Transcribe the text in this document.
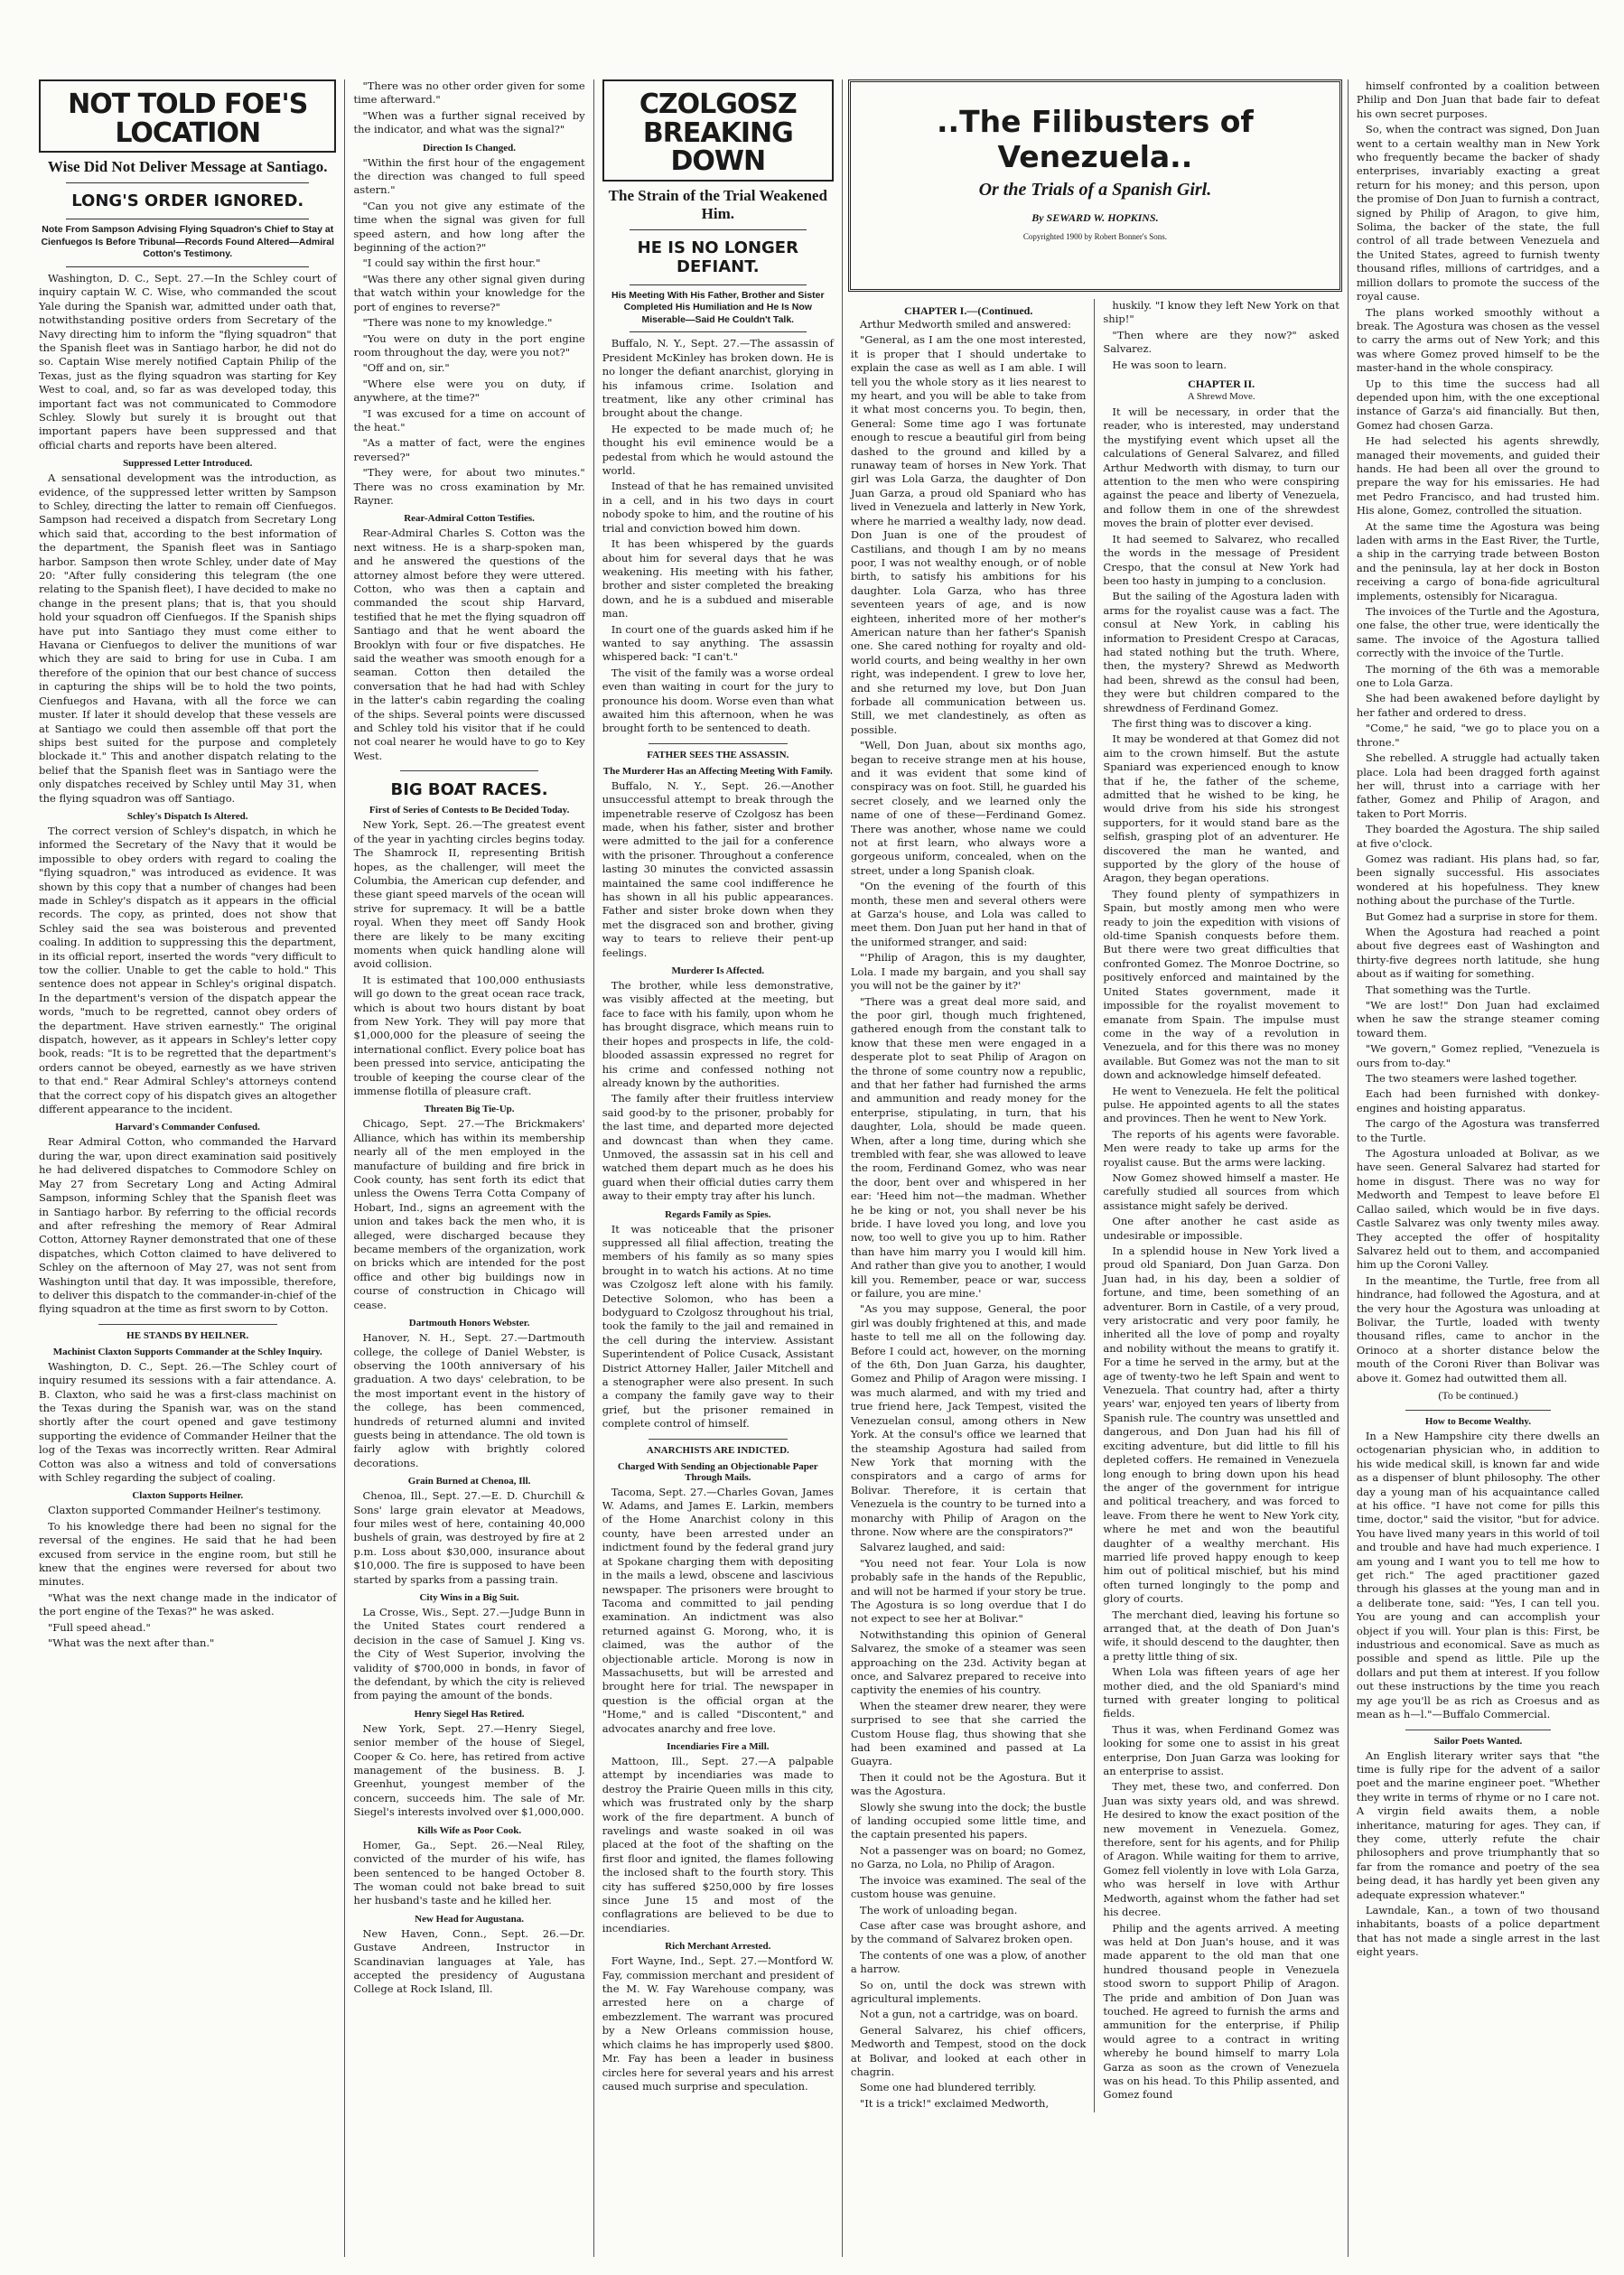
NOT TOLD FOE'S LOCATION
Wise Did Not Deliver Message at Santiago.
LONG'S ORDER IGNORED.
Note From Sampson Advising Flying Squadron's Chief to Stay at Cienfuegos Is Before Tribunal—Records Found Altered—Admiral Cotton's Testimony.

Washington, D. C., Sept. 27.—In the Schley court of inquiry captain W. C. Wise, who commanded the scout Yale during the Spanish war, admitted under oath that, notwithstanding positive orders from Secretary of the Navy directing him to inform the "flying squadron" that the Spanish fleet was in Santiago harbor, he did not do so. Captain Wise merely notified Captain Philip of the Texas, just as the flying squadron was starting for Key West to coal, and, so far as was developed today, this important fact was not communicated to Commodore Schley. Slowly but surely it is brought out that important papers have been suppressed and that official charts and reports have been altered.

Suppressed Letter Introduced.

A sensational development was the introduction, as evidence, of the suppressed letter written by Sampson to Schley, directing the latter to remain off Cienfuegos. Sampson had received a dispatch from Secretary Long which said that, according to the best information of the department, the Spanish fleet was in Santiago harbor. Sampson then wrote Schley, under date of May 20: "After fully considering this telegram (the one relating to the Spanish fleet), I have decided to make no change in the present plans; that is, that you should hold your squadron off Cienfuegos. If the Spanish ships have put into Santiago they must come either to Havana or Cienfuegos to deliver the munitions of war which they are said to bring for use in Cuba. I am therefore of the opinion that our best chance of success in capturing the ships will be to hold the two points, Cienfuegos and Havana, with all the force we can muster. If later it should develop that these vessels are at Santiago we could then assemble off that port the ships best suited for the purpose and completely blockade it." This and another dispatch relating to the belief that the Spanish fleet was in Santiago were the only dispatches received by Schley until May 31, when the flying squadron was off Santiago.

Schley's Dispatch Is Altered.

The correct version of Schley's dispatch, in which he informed the Secretary of the Navy that it would be impossible to obey orders with regard to coaling the "flying squadron," was introduced as evidence. It was shown by this copy that a number of changes had been made in Schley's dispatch as it appears in the official records. The copy, as printed, does not show that Schley said the sea was boisterous and prevented coaling. In addition to suppressing this the department, in its official report, inserted the words "very difficult to tow the collier. Unable to get the cable to hold." This sentence does not appear in Schley's original dispatch. In the department's version of the dispatch appear the words, "much to be regretted, cannot obey orders of the department. Have striven earnestly." The original dispatch, however, as it appears in Schley's letter copy book, reads: "It is to be regretted that the department's orders cannot be obeyed, earnestly as we have striven to that end." Rear Admiral Schley's attorneys contend that the correct copy of his dispatch gives an altogether different appearance to the incident.

Harvard's Commander Confused.

Rear Admiral Cotton, who commanded the Harvard during the war, upon direct examination said positively he had delivered dispatches to Commodore Schley on May 27 from Secretary Long and Acting Admiral Sampson, informing Schley that the Spanish fleet was in Santiago harbor. By referring to the official records and after refreshing the memory of Rear Admiral Cotton, Attorney Rayner demonstrated that one of these dispatches, which Cotton claimed to have delivered to Schley on the afternoon of May 27, was not sent from Washington until that day. It was impossible, therefore, to deliver this dispatch to the commander-in-chief of the flying squadron at the time as first sworn to by Cotton.

HE STANDS BY HEILNER.
Machinist Claxton Supports Commander at the Schley Inquiry.

Washington, D. C., Sept. 26.—The Schley court of inquiry resumed its sessions with a fair attendance. A. B. Claxton, who said he was a first-class machinist on the Texas during the Spanish war, was on the stand shortly after the court opened and gave testimony supporting the evidence of Commander Heilner that the log of the Texas was incorrectly written. Rear Admiral Cotton was also a witness and told of conversations with Schley regarding the subject of coaling.

Claxton Supports Heilner.

Claxton supported Commander Heilner's testimony.

To his knowledge there had been no signal for the reversal of the engines. He said that he had been excused from service in the engine room, but still he knew that the engines were reversed for about two minutes.

"What was the next change made in the indicator of the port engine of the Texas?" he was asked.

"Full speed ahead."

"What was the next after than."

"There was no other order given for some time afterward."

"When was a further signal received by the indicator, and what was the signal?"

Direction Is Changed.

"Within the first hour of the engagement the direction was changed to full speed astern."

"Can you not give any estimate of the time when the signal was given for full speed astern, and how long after the beginning of the action?"

"I could say within the first hour."

"Was there any other signal given during that watch within your knowledge for the port of engines to reverse?"

"There was none to my knowledge."

"You were on duty in the port engine room throughout the day, were you not?"

"Off and on, sir."

"Where else were you on duty, if anywhere, at the time?"

"I was excused for a time on account of the heat."

"As a matter of fact, were the engines reversed?"

"They were, for about two minutes." There was no cross examination by Mr. Rayner.

Rear-Admiral Cotton Testifies.

Rear-Admiral Charles S. Cotton was the next witness. He is a sharp-spoken man, and he answered the questions of the attorney almost before they were uttered. Cotton, who was then a captain and commanded the scout ship Harvard, testified that he met the flying squadron off Santiago and that he went aboard the Brooklyn with four or five dispatches. He said the weather was smooth enough for a seaman. Cotton then detailed the conversation that he had had with Schley in the latter's cabin regarding the coaling of the ships. Several points were discussed and Schley told his visitor that if he could not coal nearer he would have to go to Key West.

BIG BOAT RACES.
First of Series of Contests to Be Decided Today.

New York, Sept. 26.—The greatest event of the year in yachting circles begins today. The Shamrock II, representing British hopes, as the challenger, will meet the Columbia, the American cup defender, and these giant speed marvels of the ocean will strive for supremacy. It will be a battle royal. When they meet off Sandy Hook there are likely to be many exciting moments when quick handling alone will avoid collision.

It is estimated that 100,000 enthusiasts will go down to the great ocean race track, which is about two hours distant by boat from New York. They will pay more that $1,000,000 for the pleasure of seeing the international conflict. Every police boat has been pressed into service, anticipating the trouble of keeping the course clear of the immense flotilla of pleasure craft.

Threaten Big Tie-Up.

Chicago, Sept. 27.—The Brickmakers' Alliance, which has within its membership nearly all of the men employed in the manufacture of building and fire brick in Cook county, has sent forth its edict that unless the Owens Terra Cotta Company of Hobart, Ind., signs an agreement with the union and takes back the men who, it is alleged, were discharged because they became members of the organization, work on bricks which are intended for the post office and other big buildings now in course of construction in Chicago will cease.

Dartmouth Honors Webster.

Hanover, N. H., Sept. 27.—Dartmouth college, the college of Daniel Webster, is observing the 100th anniversary of his graduation. A two days' celebration, to be the most important event in the history of the college, has been commenced, hundreds of returned alumni and invited guests being in attendance. The old town is fairly aglow with brightly colored decorations.

Grain Burned at Chenoa, Ill.

Chenoa, Ill., Sept. 27.—E. D. Churchill & Sons' large grain elevator at Meadows, four miles west of here, containing 40,000 bushels of grain, was destroyed by fire at 2 p.m. Loss about $30,000, insurance about $10,000. The fire is supposed to have been started by sparks from a passing train.

City Wins in a Big Suit.

La Crosse, Wis., Sept. 27.—Judge Bunn in the United States court rendered a decision in the case of Samuel J. King vs. the City of West Superior, involving the validity of $700,000 in bonds, in favor of the defendant, by which the city is relieved from paying the amount of the bonds.

Henry Siegel Has Retired.

New York, Sept. 27.—Henry Siegel, senior member of the house of Siegel, Cooper & Co. here, has retired from active management of the business. B. J. Greenhut, youngest member of the concern, succeeds him. The sale of Mr. Siegel's interests involved over $1,000,000.

Kills Wife as Poor Cook.

Homer, Ga., Sept. 26.—Neal Riley, convicted of the murder of his wife, has been sentenced to be hanged October 8. The woman could not bake bread to suit her husband's taste and he killed her.

New Head for Augustana.

New Haven, Conn., Sept. 26.—Dr. Gustave Andreen, Instructor in Scandinavian languages at Yale, has accepted the presidency of Augustana College at Rock Island, Ill.

CZOLGOSZ BREAKING DOWN
The Strain of the Trial Weakened Him.
HE IS NO LONGER DEFIANT.
His Meeting With His Father, Brother and Sister Completed His Humiliation and He Is Now Miserable—Said He Couldn't Talk.

Buffalo, N. Y., Sept. 27.—The assassin of President McKinley has broken down. He is no longer the defiant anarchist, glorying in his infamous crime. Isolation and treatment, like any other criminal has brought about the change.

He expected to be made much of; he thought his evil eminence would be a pedestal from which he would astound the world.

Instead of that he has remained unvisited in a cell, and in his two days in court nobody spoke to him, and the routine of his trial and conviction bowed him down.

It has been whispered by the guards about him for several days that he was weakening. His meeting with his father, brother and sister completed the breaking down, and he is a subdued and miserable man.

In court one of the guards asked him if he wanted to say anything. The assassin whispered back: "I can't."

The visit of the family was a worse ordeal even than waiting in court for the jury to pronounce his doom. Worse even than what awaited him this afternoon, when he was brought forth to be sentenced to death.

FATHER SEES THE ASSASSIN.
The Murderer Has an Affecting Meeting With Family.

Buffalo, N. Y., Sept. 26.—Another unsuccessful attempt to break through the impenetrable reserve of Czolgosz has been made, when his father, sister and brother were admitted to the jail for a conference with the prisoner. Throughout a conference lasting 30 minutes the convicted assassin maintained the same cool indifference he has shown in all his public appearances. Father and sister broke down when they met the disgraced son and brother, giving way to tears to relieve their pent-up feelings.

Murderer Is Affected.

The brother, while less demonstrative, was visibly affected at the meeting, but face to face with his family, upon whom he has brought disgrace, which means ruin to their hopes and prospects in life, the cold-blooded assassin expressed no regret for his crime and confessed nothing not already known by the authorities.

The family after their fruitless interview said good-by to the prisoner, probably for the last time, and departed more dejected and downcast than when they came. Unmoved, the assassin sat in his cell and watched them depart much as he does his guard when their official duties carry them away to their empty tray after his lunch.

Regards Family as Spies.

It was noticeable that the prisoner suppressed all filial affection, treating the members of his family as so many spies brought in to watch his actions. At no time was Czolgosz left alone with his family. Detective Solomon, who has been a bodyguard to Czolgosz throughout his trial, took the family to the jail and remained in the cell during the interview. Assistant Superintendent of Police Cusack, Assistant District Attorney Haller, Jailer Mitchell and a stenographer were also present. In such a company the family gave way to their grief, but the prisoner remained in complete control of himself.

ANARCHISTS ARE INDICTED.
Charged With Sending an Objectionable Paper Through Mails.

Tacoma, Sept. 27.—Charles Govan, James W. Adams, and James E. Larkin, members of the Home Anarchist colony in this county, have been arrested under an indictment found by the federal grand jury at Spokane charging them with depositing in the mails a lewd, obscene and lascivious newspaper. The prisoners were brought to Tacoma and committed to jail pending examination. An indictment was also returned against G. Morong, who, it is claimed, was the author of the objectionable article. Morong is now in Massachusetts, but will be arrested and brought here for trial. The newspaper in question is the official organ at the "Home," and is called "Discontent," and advocates anarchy and free love.

Incendiaries Fire a Mill.

Mattoon, Ill., Sept. 27.—A palpable attempt by incendiaries was made to destroy the Prairie Queen mills in this city, which was frustrated only by the sharp work of the fire department. A bunch of ravelings and waste soaked in oil was placed at the foot of the shafting on the first floor and ignited, the flames following the inclosed shaft to the fourth story. This city has suffered $250,000 by fire losses since June 15 and most of the conflagrations are believed to be due to incendiaries.

Rich Merchant Arrested.

Fort Wayne, Ind., Sept. 27.—Montford W. Fay, commission merchant and president of the M. W. Fay Warehouse company, was arrested here on a charge of embezzlement. The warrant was procured by a New Orleans commission house, which claims he has improperly used $800. Mr. Fay has been a leader in business circles here for several years and his arrest caused much surprise and speculation.

..The Filibusters of Venezuela..
Or the Trials of a Spanish Girl.
By SEWARD W. HOPKINS.
Copyrighted 1900 by Robert Bonner's Sons.
CHAPTER I.—(Continued.

Arthur Medworth smiled and answered:

"General, as I am the one most interested, it is proper that I should undertake to explain the case as well as I am able. I will tell you the whole story as it lies nearest to my heart, and you will be able to take from it what most concerns you. To begin, then, General: Some time ago I was fortunate enough to rescue a beautiful girl from being dashed to the ground and killed by a runaway team of horses in New York. That girl was Lola Garza, the daughter of Don Juan Garza, a proud old Spaniard who has lived in Venezuela and latterly in New York, where he married a wealthy lady, now dead. Don Juan is one of the proudest of Castilians, and though I am by no means poor, I was not wealthy enough, or of noble birth, to satisfy his ambitions for his daughter. Lola Garza, who has three seventeen years of age, and is now eighteen, inherited more of her mother's American nature than her father's Spanish one. She cared nothing for royalty and old-world courts, and being wealthy in her own right, was independent. I grew to love her, and she returned my love, but Don Juan forbade all communication between us. Still, we met clandestinely, as often as possible.

"Well, Don Juan, about six months ago, began to receive strange men at his house, and it was evident that some kind of conspiracy was on foot. Still, he guarded his secret closely, and we learned only the name of one of these—Ferdinand Gomez. There was another, whose name we could not at first learn, who always wore a gorgeous uniform, concealed, when on the street, under a long Spanish cloak.

"On the evening of the fourth of this month, these men and several others were at Garza's house, and Lola was called to meet them. Don Juan put her hand in that of the uniformed stranger, and said:

"'Philip of Aragon, this is my daughter, Lola. I made my bargain, and you shall say you will not be the gainer by it?'

"There was a great deal more said, and the poor girl, though much frightened, gathered enough from the constant talk to know that these men were engaged in a desperate plot to seat Philip of Aragon on the throne of some country now a republic, and that her father had furnished the arms and ammunition and ready money for the enterprise, stipulating, in turn, that his daughter, Lola, should be made queen. When, after a long time, during which she trembled with fear, she was allowed to leave the room, Ferdinand Gomez, who was near the door, bent over and whispered in her ear: 'Heed him not—the madman. Whether he be king or not, you shall never be his bride. I have loved you long, and love you now, too well to give you up to him. Rather than have him marry you I would kill him. And rather than give you to another, I would kill you. Remember, peace or war, success or failure, you are mine.'

"As you may suppose, General, the poor girl was doubly frightened at this, and made haste to tell me all on the following day. Before I could act, however, on the morning of the 6th, Don Juan Garza, his daughter, Gomez and Philip of Aragon were missing. I was much alarmed, and with my tried and true friend here, Jack Tempest, visited the Venezuelan consul, among others in New York. At the consul's office we learned that the steamship Agostura had sailed from New York that morning with the conspirators and a cargo of arms for Bolivar. Therefore, it is certain that Venezuela is the country to be turned into a monarchy with Philip of Aragon on the throne. Now where are the conspirators?"

Salvarez laughed, and said:

"You need not fear. Your Lola is now probably safe in the hands of the Republic, and will not be harmed if your story be true. The Agostura is so long overdue that I do not expect to see her at Bolivar."

Notwithstanding this opinion of General Salvarez, the smoke of a steamer was seen approaching on the 23d. Activity began at once, and Salvarez prepared to receive into captivity the enemies of his country.

When the steamer drew nearer, they were surprised to see that she carried the Custom House flag, thus showing that she had been examined and passed at La Guayra.

Then it could not be the Agostura. But it was the Agostura.

Slowly she swung into the dock; the bustle of landing occupied some little time, and the captain presented his papers.

Not a passenger was on board; no Gomez, no Garza, no Lola, no Philip of Aragon.

The invoice was examined. The seal of the custom house was genuine.

The work of unloading began.

Case after case was brought ashore, and by the command of Salvarez broken open.

The contents of one was a plow, of another a harrow.

So on, until the dock was strewn with agricultural implements.

Not a gun, not a cartridge, was on board.

General Salvarez, his chief officers, Medworth and Tempest, stood on the dock at Bolivar, and looked at each other in chagrin.

Some one had blundered terribly.

"It is a trick!" exclaimed Medworth,

huskily. "I know they left New York on that ship!"

"Then where are they now?" asked Salvarez.

He was soon to learn.

CHAPTER II.
A Shrewd Move.

It will be necessary, in order that the reader, who is interested, may understand the mystifying event which upset all the calculations of General Salvarez, and filled Arthur Medworth with dismay, to turn our attention to the men who were conspiring against the peace and liberty of Venezuela, and follow them in one of the shrewdest moves the brain of plotter ever devised.

It had seemed to Salvarez, who recalled the words in the message of President Crespo, that the consul at New York had been too hasty in jumping to a conclusion.

But the sailing of the Agostura laden with arms for the royalist cause was a fact. The consul at New York, in cabling his information to President Crespo at Caracas, had stated nothing but the truth. Where, then, the mystery? Shrewd as Medworth had been, shrewd as the consul had been, they were but children compared to the shrewdness of Ferdinand Gomez.

The first thing was to discover a king.

It may be wondered at that Gomez did not aim to the crown himself. But the astute Spaniard was experienced enough to know that if he, the father of the scheme, admitted that he wished to be king, he would drive from his side his strongest supporters, for it would stand bare as the selfish, grasping plot of an adventurer. He discovered the man he wanted, and supported by the glory of the house of Aragon, they began operations.

They found plenty of sympathizers in Spain, but mostly among men who were ready to join the expedition with visions of old-time Spanish conquests before them. But there were two great difficulties that confronted Gomez. The Monroe Doctrine, so positively enforced and maintained by the United States government, made it impossible for the royalist movement to emanate from Spain. The impulse must come in the way of a revolution in Venezuela, and for this there was no money available. But Gomez was not the man to sit down and acknowledge himself defeated.

He went to Venezuela. He felt the political pulse. He appointed agents to all the states and provinces. Then he went to New York.

The reports of his agents were favorable. Men were ready to take up arms for the royalist cause. But the arms were lacking.

Now Gomez showed himself a master. He carefully studied all sources from which assistance might safely be derived.

One after another he cast aside as undesirable or impossible.

In a splendid house in New York lived a proud old Spaniard, Don Juan Garza. Don Juan had, in his day, been a soldier of fortune, and time, been something of an adventurer. Born in Castile, of a very proud, very aristocratic and very poor family, he inherited all the love of pomp and royalty and nobility without the means to gratify it. For a time he served in the army, but at the age of twenty-two he left Spain and went to Venezuela. That country had, after a thirty years' war, enjoyed ten years of liberty from Spanish rule. The country was unsettled and dangerous, and Don Juan had his fill of exciting adventure, but did little to fill his depleted coffers. He remained in Venezuela long enough to bring down upon his head the anger of the government for intrigue and political treachery, and was forced to leave. From there he went to New York city, where he met and won the beautiful daughter of a wealthy merchant. His married life proved happy enough to keep him out of political mischief, but his mind often turned longingly to the pomp and glory of courts.

The merchant died, leaving his fortune so arranged that, at the death of Don Juan's wife, it should descend to the daughter, then a pretty little thing of six.

When Lola was fifteen years of age her mother died, and the old Spaniard's mind turned with greater longing to political fields.

Thus it was, when Ferdinand Gomez was looking for some one to assist in his great enterprise, Don Juan Garza was looking for an enterprise to assist.

They met, these two, and conferred. Don Juan was sixty years old, and was shrewd. He desired to know the exact position of the new movement in Venezuela. Gomez, therefore, sent for his agents, and for Philip of Aragon. While waiting for them to arrive, Gomez fell violently in love with Lola Garza, who was herself in love with Arthur Medworth, against whom the father had set his decree.

Philip and the agents arrived. A meeting was held at Don Juan's house, and it was made apparent to the old man that one hundred thousand people in Venezuela stood sworn to support Philip of Aragon. The pride and ambition of Don Juan was touched. He agreed to furnish the arms and ammunition for the enterprise, if Philip would agree to a contract in writing whereby he bound himself to marry Lola Garza as soon as the crown of Venezuela was on his head. To this Philip assented, and Gomez found

himself confronted by a coalition between Philip and Don Juan that bade fair to defeat his own secret purposes.

So, when the contract was signed, Don Juan went to a certain wealthy man in New York who frequently became the backer of shady enterprises, invariably exacting a great return for his money; and this person, upon the promise of Don Juan to furnish a contract, signed by Philip of Aragon, to give him, Solima, the backer of the state, the full control of all trade between Venezuela and the United States, agreed to furnish twenty thousand rifles, millions of cartridges, and a million dollars to promote the success of the royal cause.

The plans worked smoothly without a break. The Agostura was chosen as the vessel to carry the arms out of New York; and this was where Gomez proved himself to be the master-hand in the whole conspiracy.

Up to this time the success had all depended upon him, with the one exceptional instance of Garza's aid financially. But then, Gomez had chosen Garza.

He had selected his agents shrewdly, managed their movements, and guided their hands. He had been all over the ground to prepare the way for his emissaries. He had met Pedro Francisco, and had trusted him. His alone, Gomez, controlled the situation.

At the same time the Agostura was being laden with arms in the East River, the Turtle, a ship in the carrying trade between Boston and the peninsula, lay at her dock in Boston receiving a cargo of bona-fide agricultural implements, ostensibly for Nicaragua.

The invoices of the Turtle and the Agostura, one false, the other true, were identically the same. The invoice of the Agostura tallied correctly with the invoice of the Turtle.

The morning of the 6th was a memorable one to Lola Garza.

She had been awakened before daylight by her father and ordered to dress.

"Come," he said, "we go to place you on a throne."

She rebelled. A struggle had actually taken place. Lola had been dragged forth against her will, thrust into a carriage with her father, Gomez and Philip of Aragon, and taken to Port Morris.

They boarded the Agostura. The ship sailed at five o'clock.

Gomez was radiant. His plans had, so far, been signally successful. His associates wondered at his hopefulness. They knew nothing about the purchase of the Turtle.

But Gomez had a surprise in store for them.

When the Agostura had reached a point about five degrees east of Washington and thirty-five degrees north latitude, she hung about as if waiting for something.

That something was the Turtle.

"We are lost!" Don Juan had exclaimed when he saw the strange steamer coming toward them.

"We govern," Gomez replied, "Venezuela is ours from to-day."

The two steamers were lashed together.

Each had been furnished with donkey-engines and hoisting apparatus.

The cargo of the Agostura was transferred to the Turtle.

The Agostura unloaded at Bolivar, as we have seen. General Salvarez had started for home in disgust. There was no way for Medworth and Tempest to leave before El Callao sailed, which would be in five days. Castle Salvarez was only twenty miles away. They accepted the offer of hospitality Salvarez held out to them, and accompanied him up the Coroni Valley.

In the meantime, the Turtle, free from all hindrance, had followed the Agostura, and at the very hour the Agostura was unloading at Bolivar, the Turtle, loaded with twenty thousand rifles, came to anchor in the Orinoco at a shorter distance below the mouth of the Coroni River than Bolivar was above it. Gomez had outwitted them all.

(To be continued.)
How to Become Wealthy.

In a New Hampshire city there dwells an octogenarian physician who, in addition to his wide medical skill, is known far and wide as a dispenser of blunt philosophy. The other day a young man of his acquaintance called at his office. "I have not come for pills this time, doctor," said the visitor, "but for advice. You have lived many years in this world of toil and trouble and have had much experience. I am young and I want you to tell me how to get rich." The aged practitioner gazed through his glasses at the young man and in a deliberate tone, said: "Yes, I can tell you. You are young and can accomplish your object if you will. Your plan is this: First, be industrious and economical. Save as much as possible and spend as little. Pile up the dollars and put them at interest. If you follow out these instructions by the time you reach my age you'll be as rich as Croesus and as mean as h—l."—Buffalo Commercial.

Sailor Poets Wanted.

An English literary writer says that "the time is fully ripe for the advent of a sailor poet and the marine engineer poet. "Whether they write in terms of rhyme or no I care not. A virgin field awaits them, a noble inheritance, maturing for ages. They can, if they come, utterly refute the chair philosophers and prove triumphantly that so far from the romance and poetry of the sea being dead, it has hardly yet been given any adequate expression whatever."

Lawndale, Kan., a town of two thousand inhabitants, boasts of a police department that has not made a single arrest in the last eight years.
